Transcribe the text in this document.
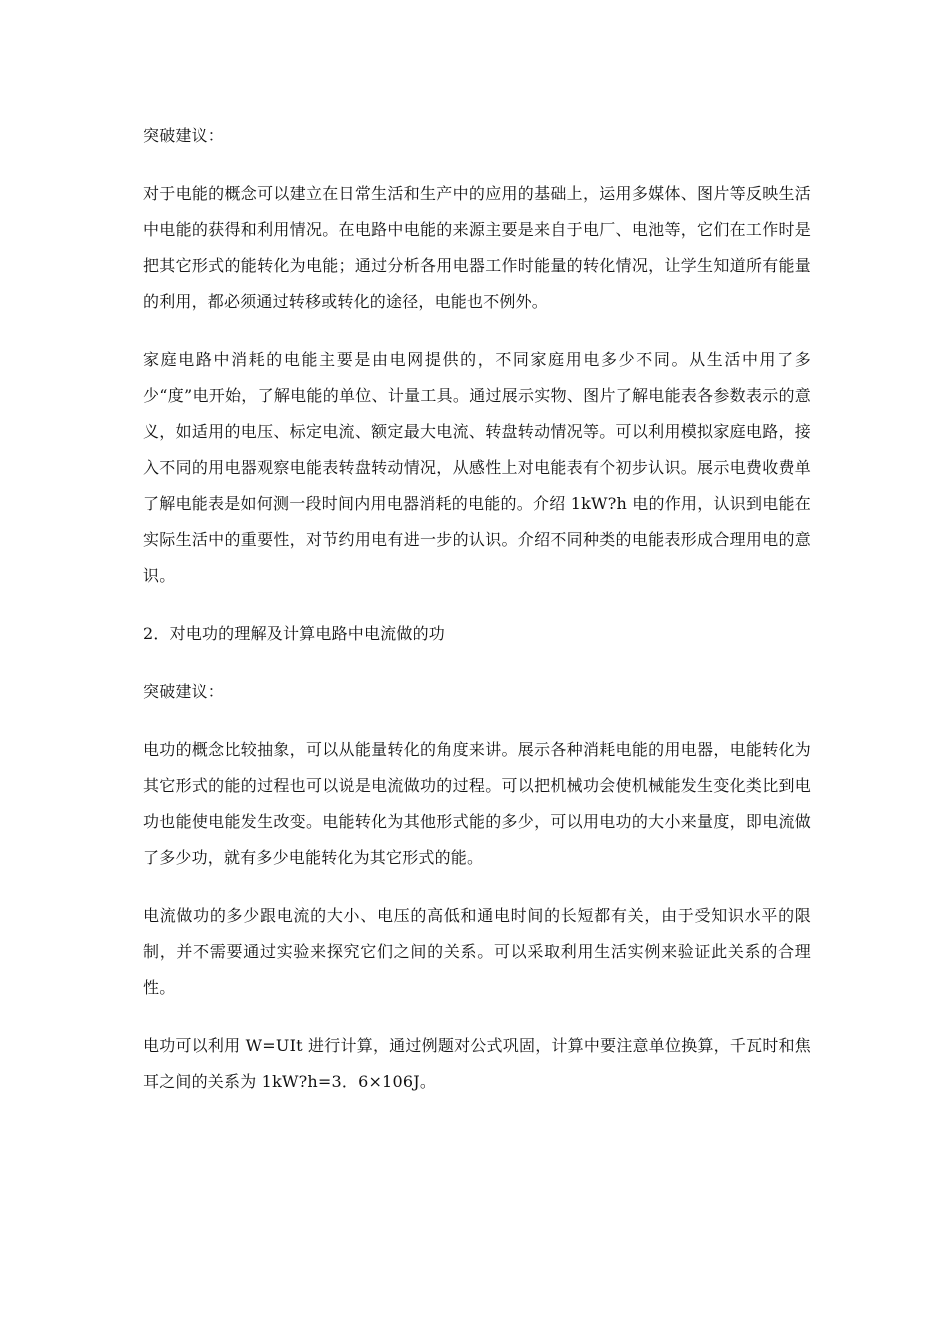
突破建议：

对于电能的概念可以建立在日常生活和生产中的应用的基础上，运用多媒体、图片等反映生活中电能的获得和利用情况。在电路中电能的来源主要是来自于电厂、电池等，它们在工作时是把其它形式的能转化为电能；通过分析各用电器工作时能量的转化情况，让学生知道所有能量的利用，都必须通过转移或转化的途径，电能也不例外。

家庭电路中消耗的电能主要是由电网提供的，不同家庭用电多少不同。从生活中用了多少“度”电开始，了解电能的单位、计量工具。通过展示实物、图片了解电能表各参数表示的意义，如适用的电压、标定电流、额定最大电流、转盘转动情况等。可以利用模拟家庭电路，接入不同的用电器观察电能表转盘转动情况，从感性上对电能表有个初步认识。展示电费收费单了解电能表是如何测一段时间内用电器消耗的电能的。介绍 1kW?h 电的作用，认识到电能在实际生活中的重要性，对节约用电有进一步的认识。介绍不同种类的电能表形成合理用电的意识。

2．对电功的理解及计算电路中电流做的功

突破建议：

电功的概念比较抽象，可以从能量转化的角度来讲。展示各种消耗电能的用电器，电能转化为其它形式的能的过程也可以说是电流做功的过程。可以把机械功会使机械能发生变化类比到电功也能使电能发生改变。电能转化为其他形式能的多少，可以用电功的大小来量度，即电流做了多少功，就有多少电能转化为其它形式的能。

电流做功的多少跟电流的大小、电压的高低和通电时间的长短都有关，由于受知识水平的限制，并不需要通过实验来探究它们之间的关系。可以采取利用生活实例来验证此关系的合理性。

电功可以利用 W=UIt 进行计算，通过例题对公式巩固，计算中要注意单位换算，千瓦时和焦耳之间的关系为 1kW?h=3．6×106J。
